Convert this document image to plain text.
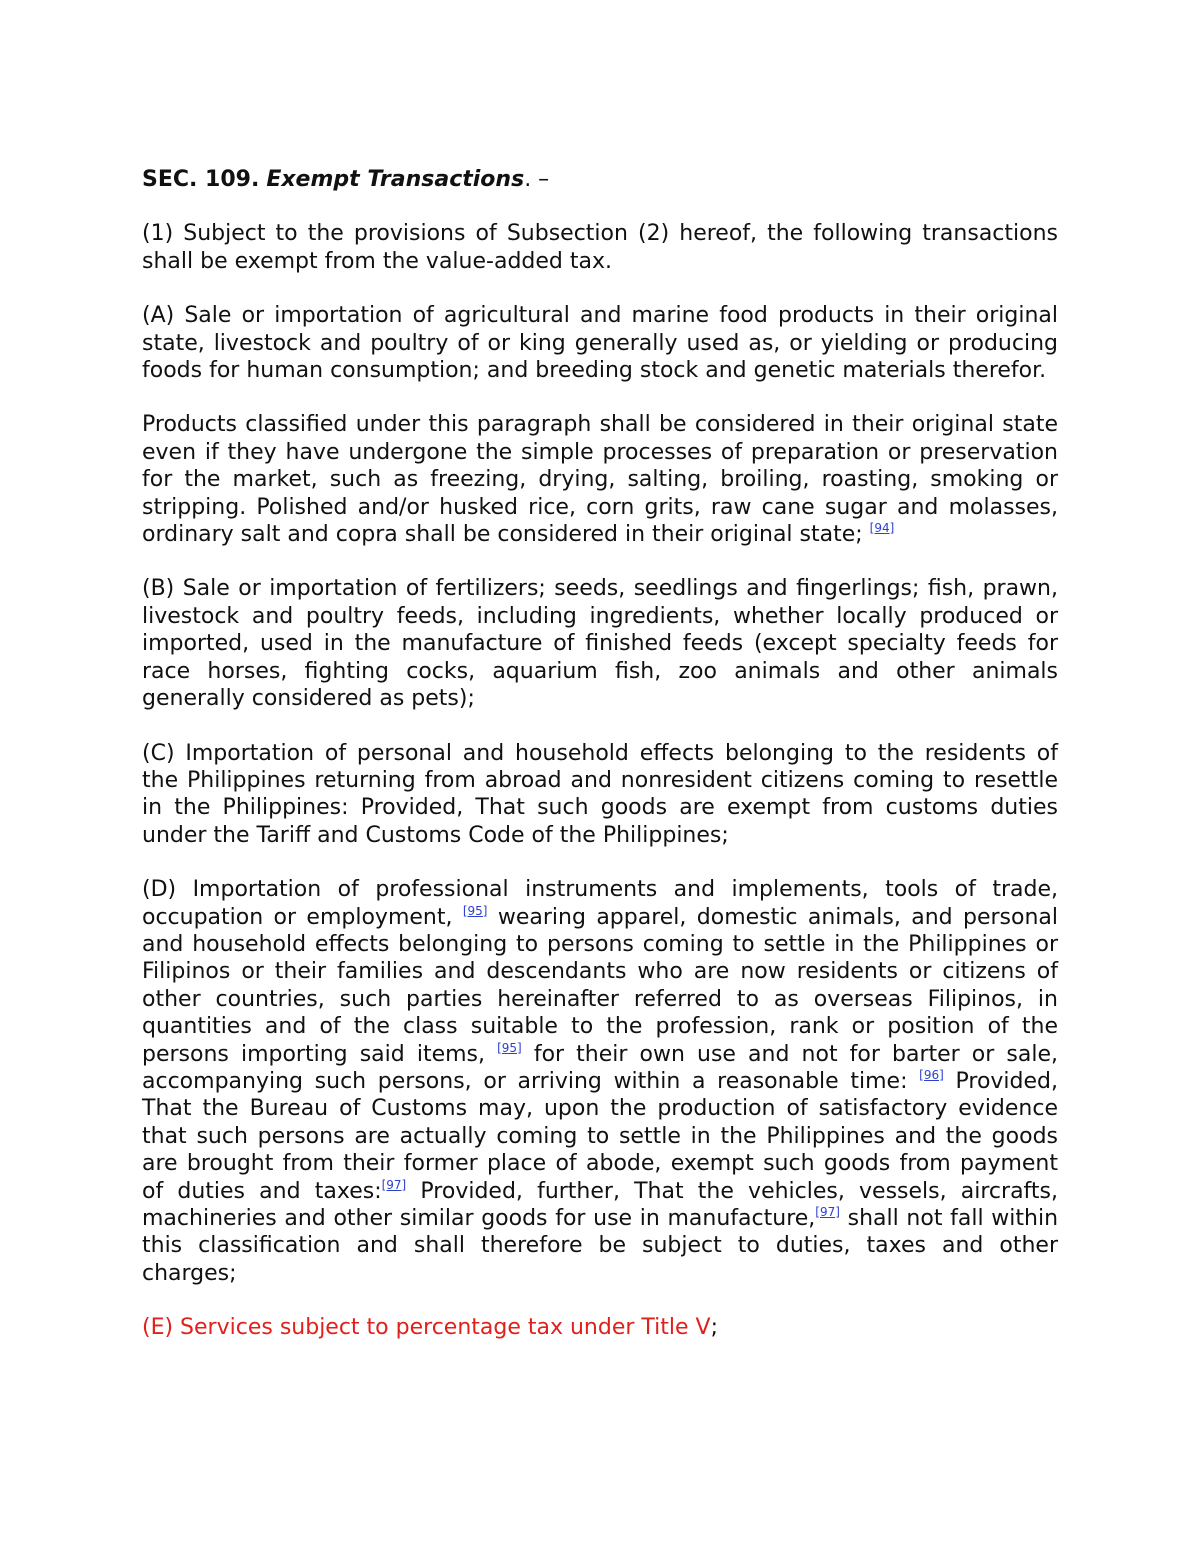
SEC. 109. Exempt Transactions. –

(1) Subject to the provisions of Subsection (2) hereof, the following transactions shall be exempt from the value-added tax.

(A) Sale or importation of agricultural and marine food products in their original state, livestock and poultry of or king generally used as, or yielding or producing foods for human consumption; and breeding stock and genetic materials therefor.

Products classified under this paragraph shall be considered in their original state even if they have undergone the simple processes of preparation or preservation for the market, such as freezing, drying, salting, broiling, roasting, smoking or stripping. Polished and/or husked rice, corn grits, raw cane sugar and molasses, ordinary salt and copra shall be considered in their original state; [94]

(B) Sale or importation of fertilizers; seeds, seedlings and fingerlings; fish, prawn, livestock and poultry feeds, including ingredients, whether locally produced or imported, used in the manufacture of finished feeds (except specialty feeds for race horses, fighting cocks, aquarium fish, zoo animals and other animals generally considered as pets);

(C) Importation of personal and household effects belonging to the residents of the Philippines returning from abroad and nonresident citizens coming to resettle in the Philippines: Provided, That such goods are exempt from customs duties under the Tariff and Customs Code of the Philippines;

(D) Importation of professional instruments and implements, tools of trade, occupation or employment, [95] wearing apparel, domestic animals, and personal and household effects belonging to persons coming to settle in the Philippines or Filipinos or their families and descendants who are now residents or citizens of other countries, such parties hereinafter referred to as overseas Filipinos, in quantities and of the class suitable to the profession, rank or position of the persons importing said items, [95] for their own use and not for barter or sale, accompanying such persons, or arriving within a reasonable time: [96] Provided, That the Bureau of Customs may, upon the production of satisfactory evidence that such persons are actually coming to settle in the Philippines and the goods are brought from their former place of abode, exempt such goods from payment of duties and taxes:[97] Provided, further, That the vehicles, vessels, aircrafts, machineries and other similar goods for use in manufacture,[97] shall not fall within this classification and shall therefore be subject to duties, taxes and other charges;

(E) Services subject to percentage tax under Title V;
